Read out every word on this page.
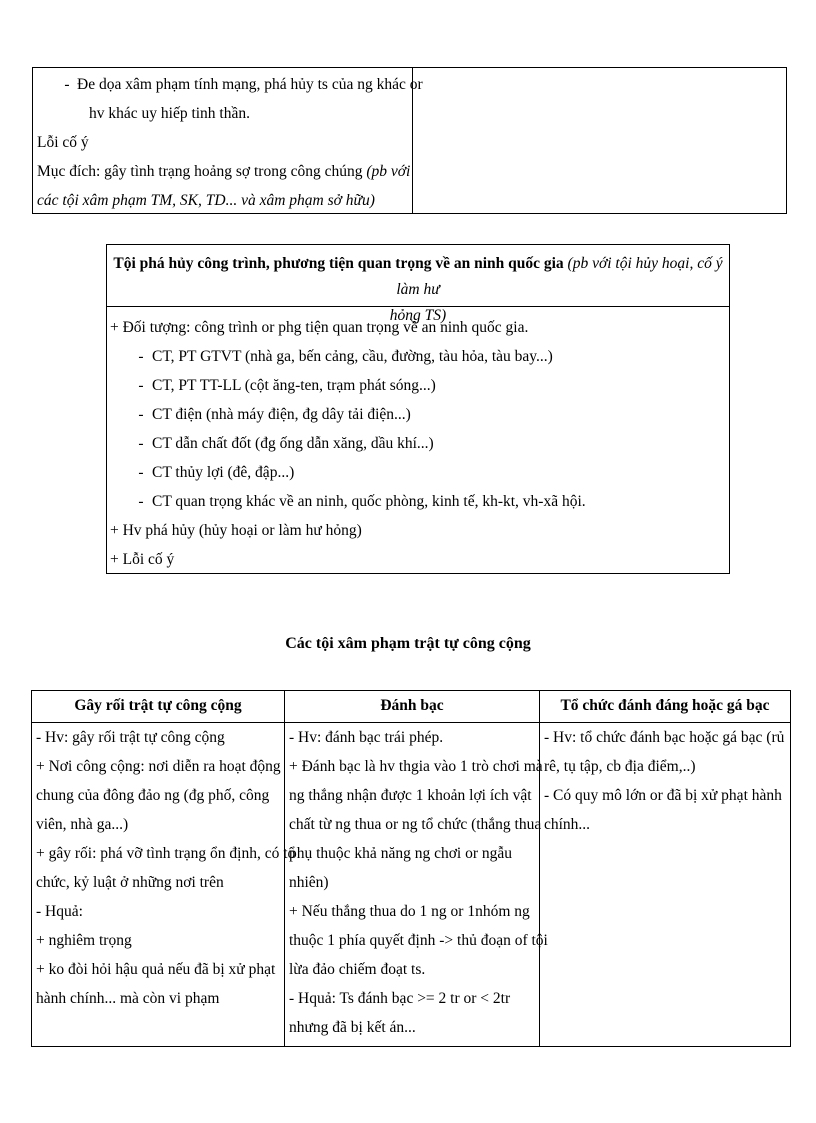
- Đe dọa xâm phạm tính mạng, phá hủy ts của ng khác or
hv khác uy hiếp tinh thần.
Lỗi cố ý
Mục đích: gây tình trạng hoảng sợ trong công chúng (pb với
các tội xâm phạm TM, SK, TD... và xâm phạm sở hữu)
Tội phá hủy công trình, phương tiện quan trọng về an ninh quốc gia (pb với tội hủy hoại, cố ý làm hư
hỏng TS)
+ Đối tượng: công trình or phg tiện quan trọng về an ninh quốc gia.
- CT, PT GTVT (nhà ga, bến cảng, cầu, đường, tàu hỏa, tàu bay...)
- CT, PT TT-LL (cột ăng-ten, trạm phát sóng...)
- CT điện (nhà máy điện, đg dây tải điện...)
- CT dẫn chất đốt (đg ống dẫn xăng, dầu khí...)
- CT thủy lợi (đê, đập...)
- CT quan trọng khác về an ninh, quốc phòng, kinh tế, kh-kt, vh-xã hội.
+ Hv phá hủy (hủy hoại or làm hư hỏng)
+ Lỗi cố ý
Các tội xâm phạm trật tự công cộng
Gây rối trật tự công cộng	Đánh bạc	Tổ chức đánh đáng hoặc gá bạc
- Hv: gây rối trật tự công cộng
+ Nơi công cộng: nơi diễn ra hoạt động
chung của đông đảo ng (đg phố, công
viên, nhà ga...)
+ gây rối: phá vỡ tình trạng ổn định, có tổ
chức, kỷ luật ở những nơi trên
- Hquả:
+ nghiêm trọng
+ ko đòi hỏi hậu quả nếu đã bị xử phạt
hành chính... mà còn vi phạm
- Hv: đánh bạc trái phép.
+ Đánh bạc là hv thgia vào 1 trò chơi mà
ng thắng nhận được 1 khoản lợi ích vật
chất từ ng thua or ng tổ chức (thắng thua
phụ thuộc khả năng ng chơi or ngẫu
nhiên)
+ Nếu thắng thua do 1 ng or 1nhóm ng
thuộc 1 phía quyết định -> thủ đoạn of tội
lừa đảo chiếm đoạt ts.
- Hquả: Ts đánh bạc >= 2 tr or < 2tr
nhưng đã bị kết án...
- Hv: tổ chức đánh bạc hoặc gá bạc (rủ
rê, tụ tập, cb địa điểm,..)
- Có quy mô lớn or đã bị xử phạt hành
chính...
